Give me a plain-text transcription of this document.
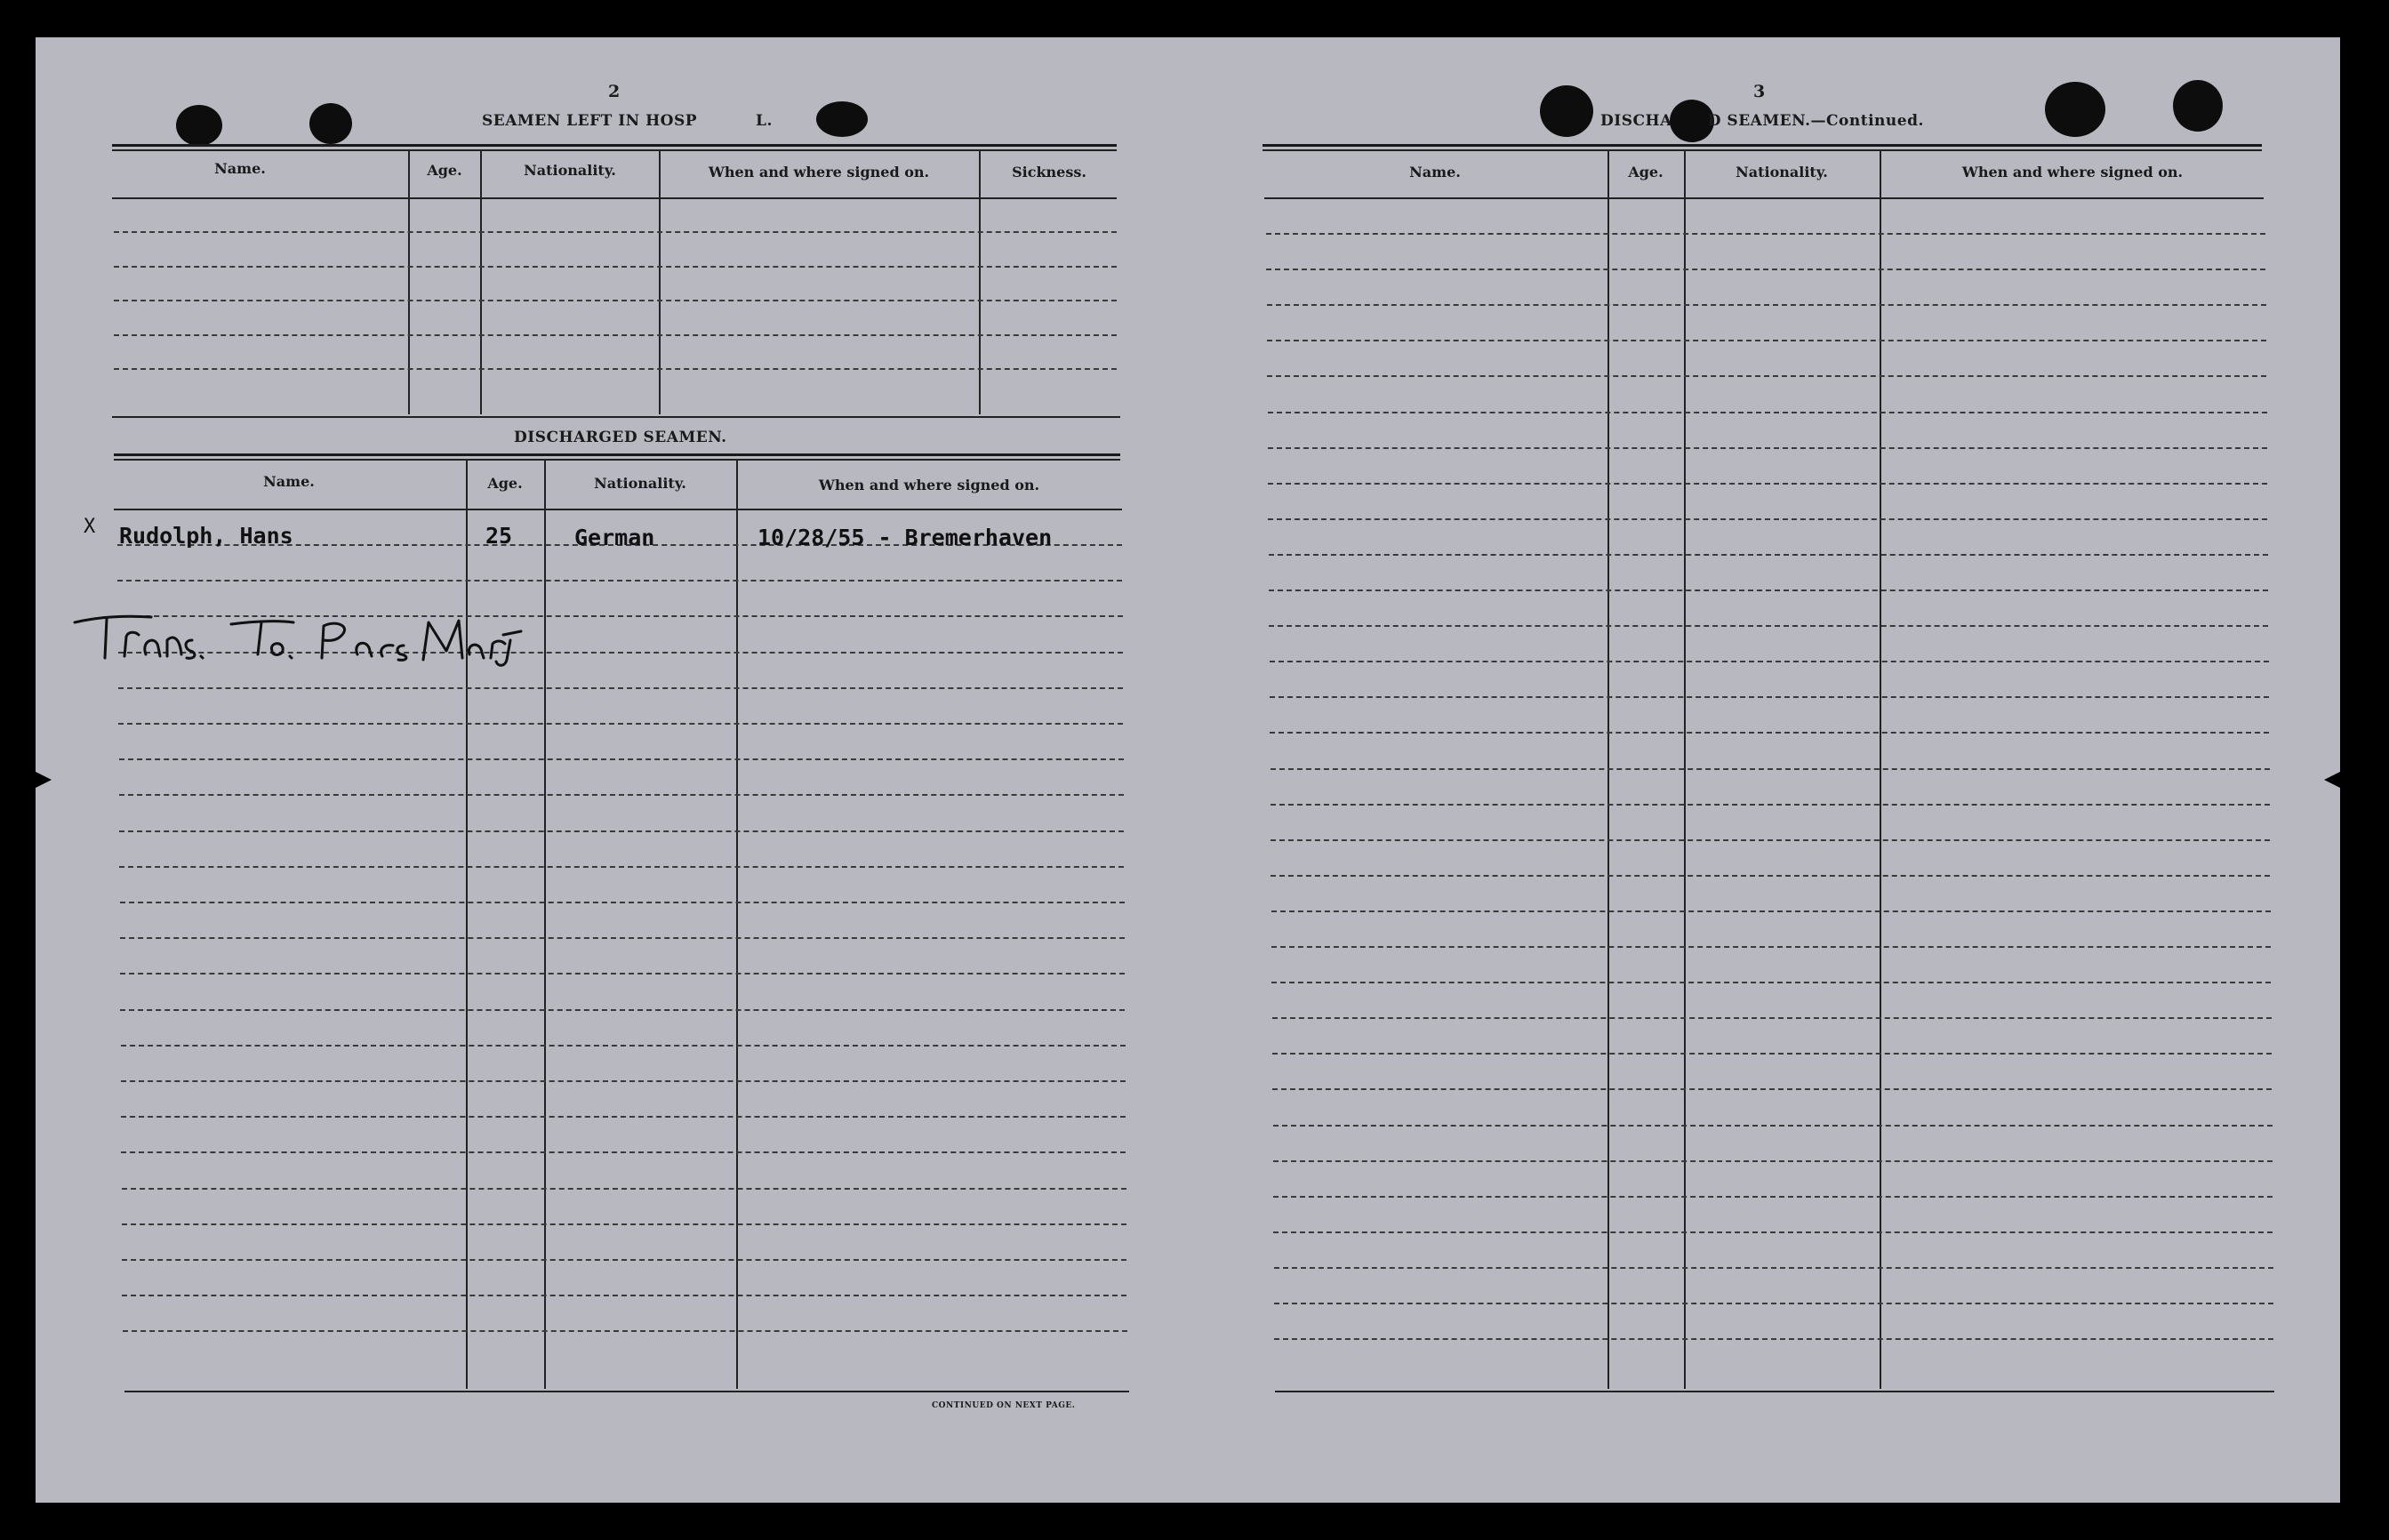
2
SEAMEN LEFT IN HOSP	L.
Name.	Age.	Nationality.	When and where signed on.	Sickness.
DISCHARGED SEAMEN.
Name.	Age.	Nationality.	When and where signed on.
X Rudolph, Hans	25	German	10/28/55 - Bremerhaven
CONTINUED ON NEXT PAGE.
3
DISCHA D SEAMEN.—Continued.
Name.	Age.	Nationality.	When and where signed on.
